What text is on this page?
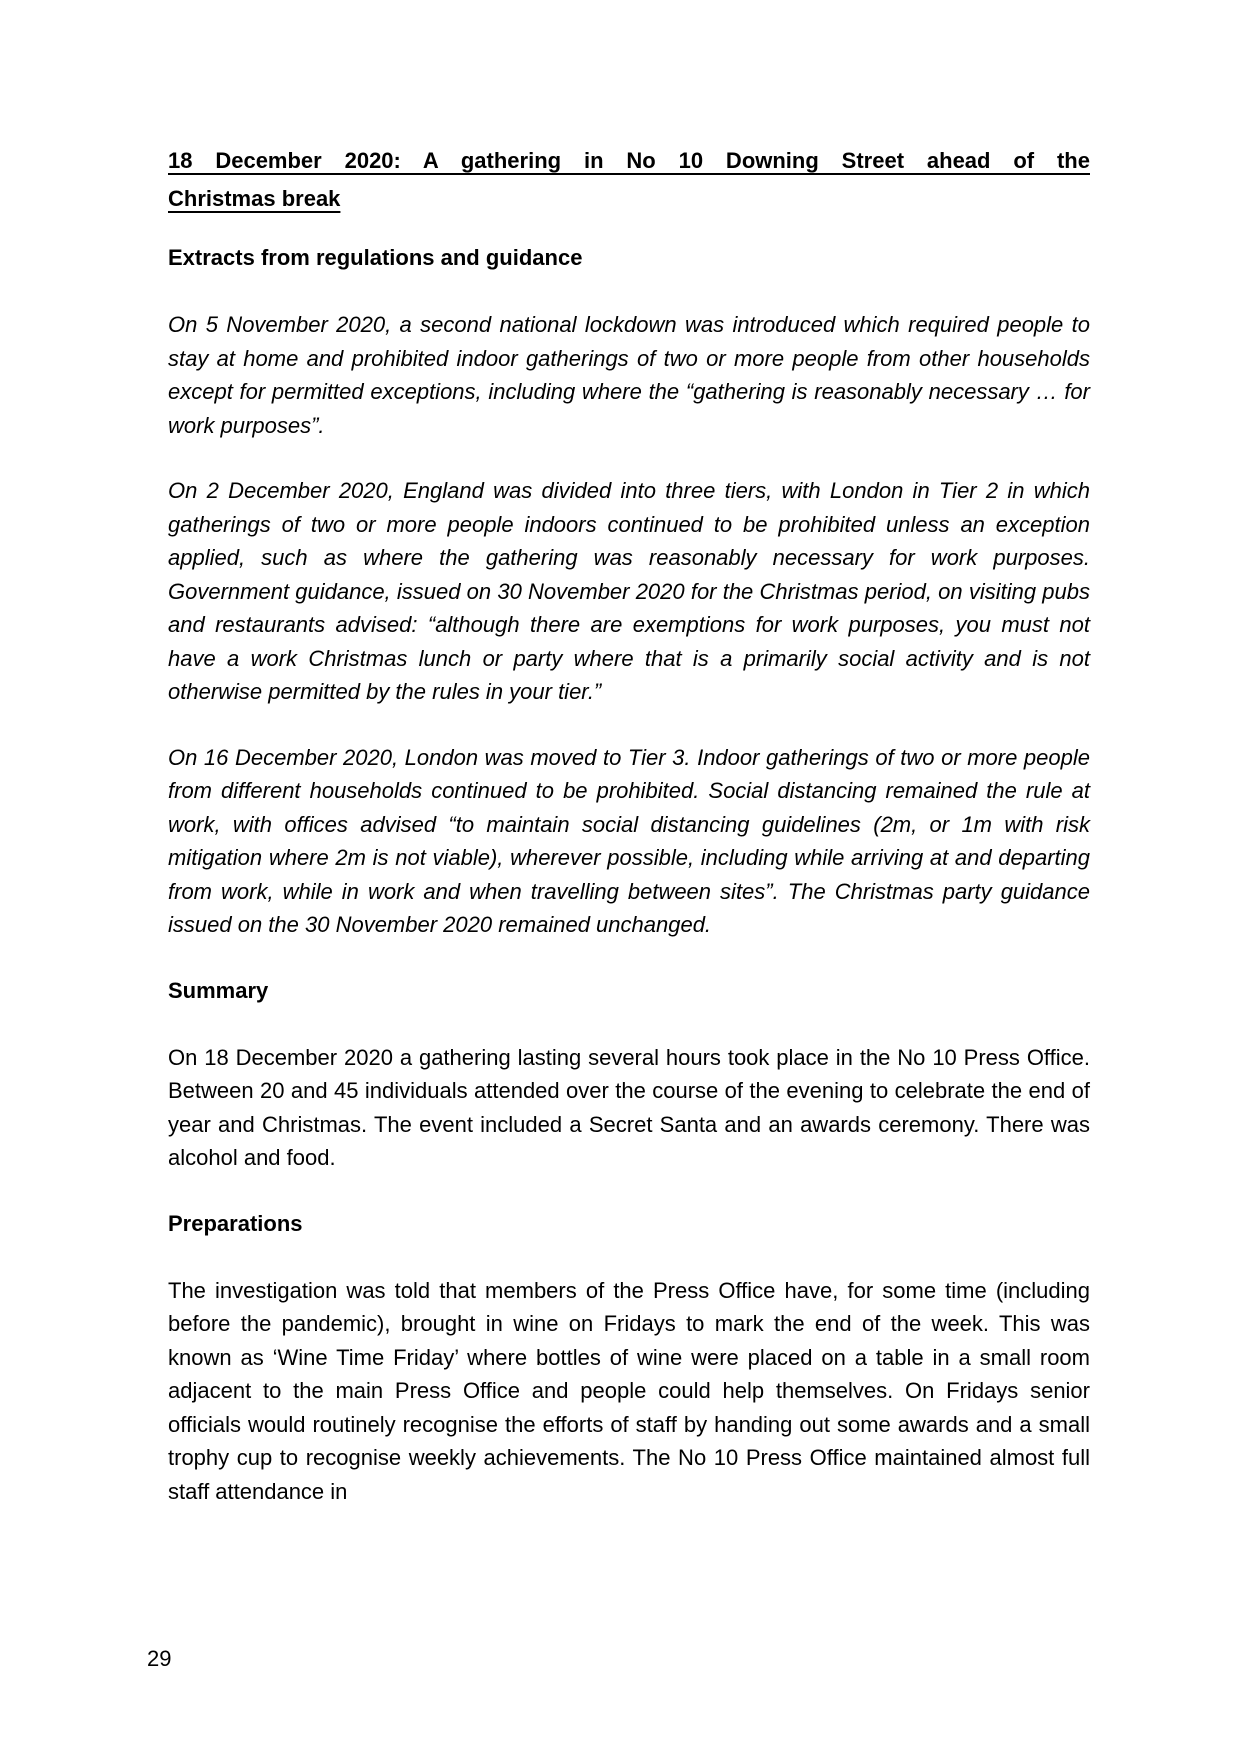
18 December 2020: A gathering in No 10 Downing Street ahead of the
Christmas break
Extracts from regulations and guidance

On 5 November 2020, a second national lockdown was introduced which required people to stay at home and prohibited indoor gatherings of two or more people from other households except for permitted exceptions, including where the “gathering is reasonably necessary … for work purposes”.

On 2 December 2020, England was divided into three tiers, with London in Tier 2 in which gatherings of two or more people indoors continued to be prohibited unless an exception applied, such as where the gathering was reasonably necessary for work purposes. Government guidance, issued on 30 November 2020 for the Christmas period, on visiting pubs and restaurants advised: “although there are exemptions for work purposes, you must not have a work Christmas lunch or party where that is a primarily social activity and is not otherwise permitted by the rules in your tier.”

On 16 December 2020, London was moved to Tier 3. Indoor gatherings of two or more people from different households continued to be prohibited. Social distancing remained the rule at work, with offices advised “to maintain social distancing guidelines (2m, or 1m with risk mitigation where 2m is not viable), wherever possible, including while arriving at and departing from work, while in work and when travelling between sites”. The Christmas party guidance issued on the 30 November 2020 remained unchanged.

Summary

On 18 December 2020 a gathering lasting several hours took place in the No 10 Press Office. Between 20 and 45 individuals attended over the course of the evening to celebrate the end of year and Christmas. The event included a Secret Santa and an awards ceremony. There was alcohol and food.

Preparations

The investigation was told that members of the Press Office have, for some time (including before the pandemic), brought in wine on Fridays to mark the end of the week. This was known as ‘Wine Time Friday’ where bottles of wine were placed on a table in a small room adjacent to the main Press Office and people could help themselves. On Fridays senior officials would routinely recognise the efforts of staff by handing out some awards and a small trophy cup to recognise weekly achievements. The No 10 Press Office maintained almost full staff attendance in

29
